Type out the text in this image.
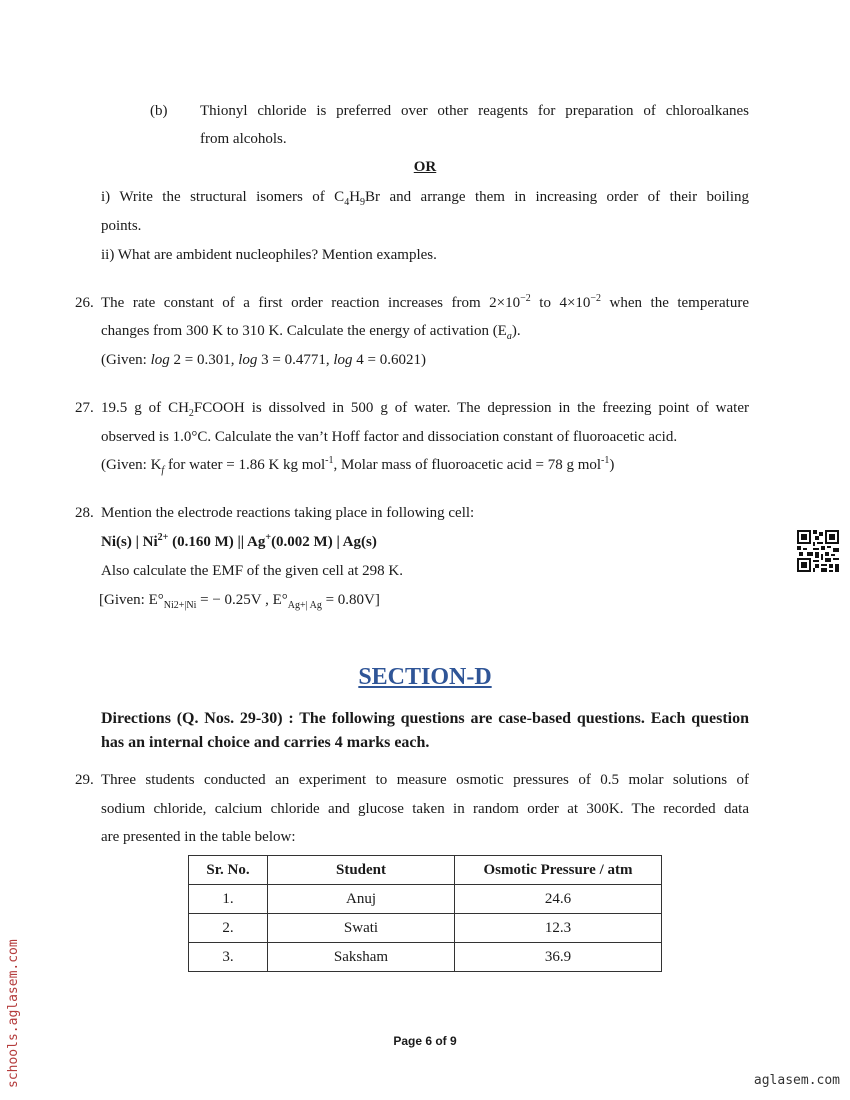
(b) Thionyl chloride is preferred over other reagents for preparation of chloroalkanes
from alcohols.
OR
i) Write the structural isomers of $C_4H_9Br$ and arrange them in increasing order of their boiling
points.
ii) What are ambident nucleophiles? Mention examples.
26. The rate constant of a first order reaction increases from $2\times 10^{-2}$ to $4\times 10^{-2}$ when the temperature
changes from 300 K to 310 K. Calculate the energy of activation $(E_a)$.
(Given: log 2 = 0.301, log 3 = 0.4771, log 4 = 0.6021)
27. 19.5 g of $CH_2FCOOH$ is dissolved in 500 g of water. The depression in the freezing point of water
observed is 1.0°C. Calculate the van’t Hoff factor and dissociation constant of fluoroacetic acid.
(Given: $K_f$ for water = 1.86 K kg mol$^{-1}$, Molar mass of fluoroacetic acid = 78 g mol$^{-1}$)
28. Mention the electrode reactions taking place in following cell:
Ni(s) | $Ni^{2+}$ (0.160 M) || Ag+(0.002 M) | Ag(s)
Also calculate the EMF of the given cell at 298 K.
[Given: $E^\circ_{Ni2+|Ni}$ = − 0.25V , $E^\circ_{Ag+| Ag} = 0.80V$]
SECTION-D
Directions (Q. Nos. 29-30) : The following questions are case-based questions. Each question has an internal choice and carries 4 marks each.
29. Three students conducted an experiment to measure osmotic pressures of 0.5 molar solutions of
sodium chloride, calcium chloride and glucose taken in random order at 300K. The recorded data
are presented in the table below:
Sr. No.	Student	Osmotic Pressure / atm
1.	Anuj	24.6
2.	Swati	12.3
3.	Saksham	36.9
Page 6 of 9
schools.aglasem.com	aglasem.com
